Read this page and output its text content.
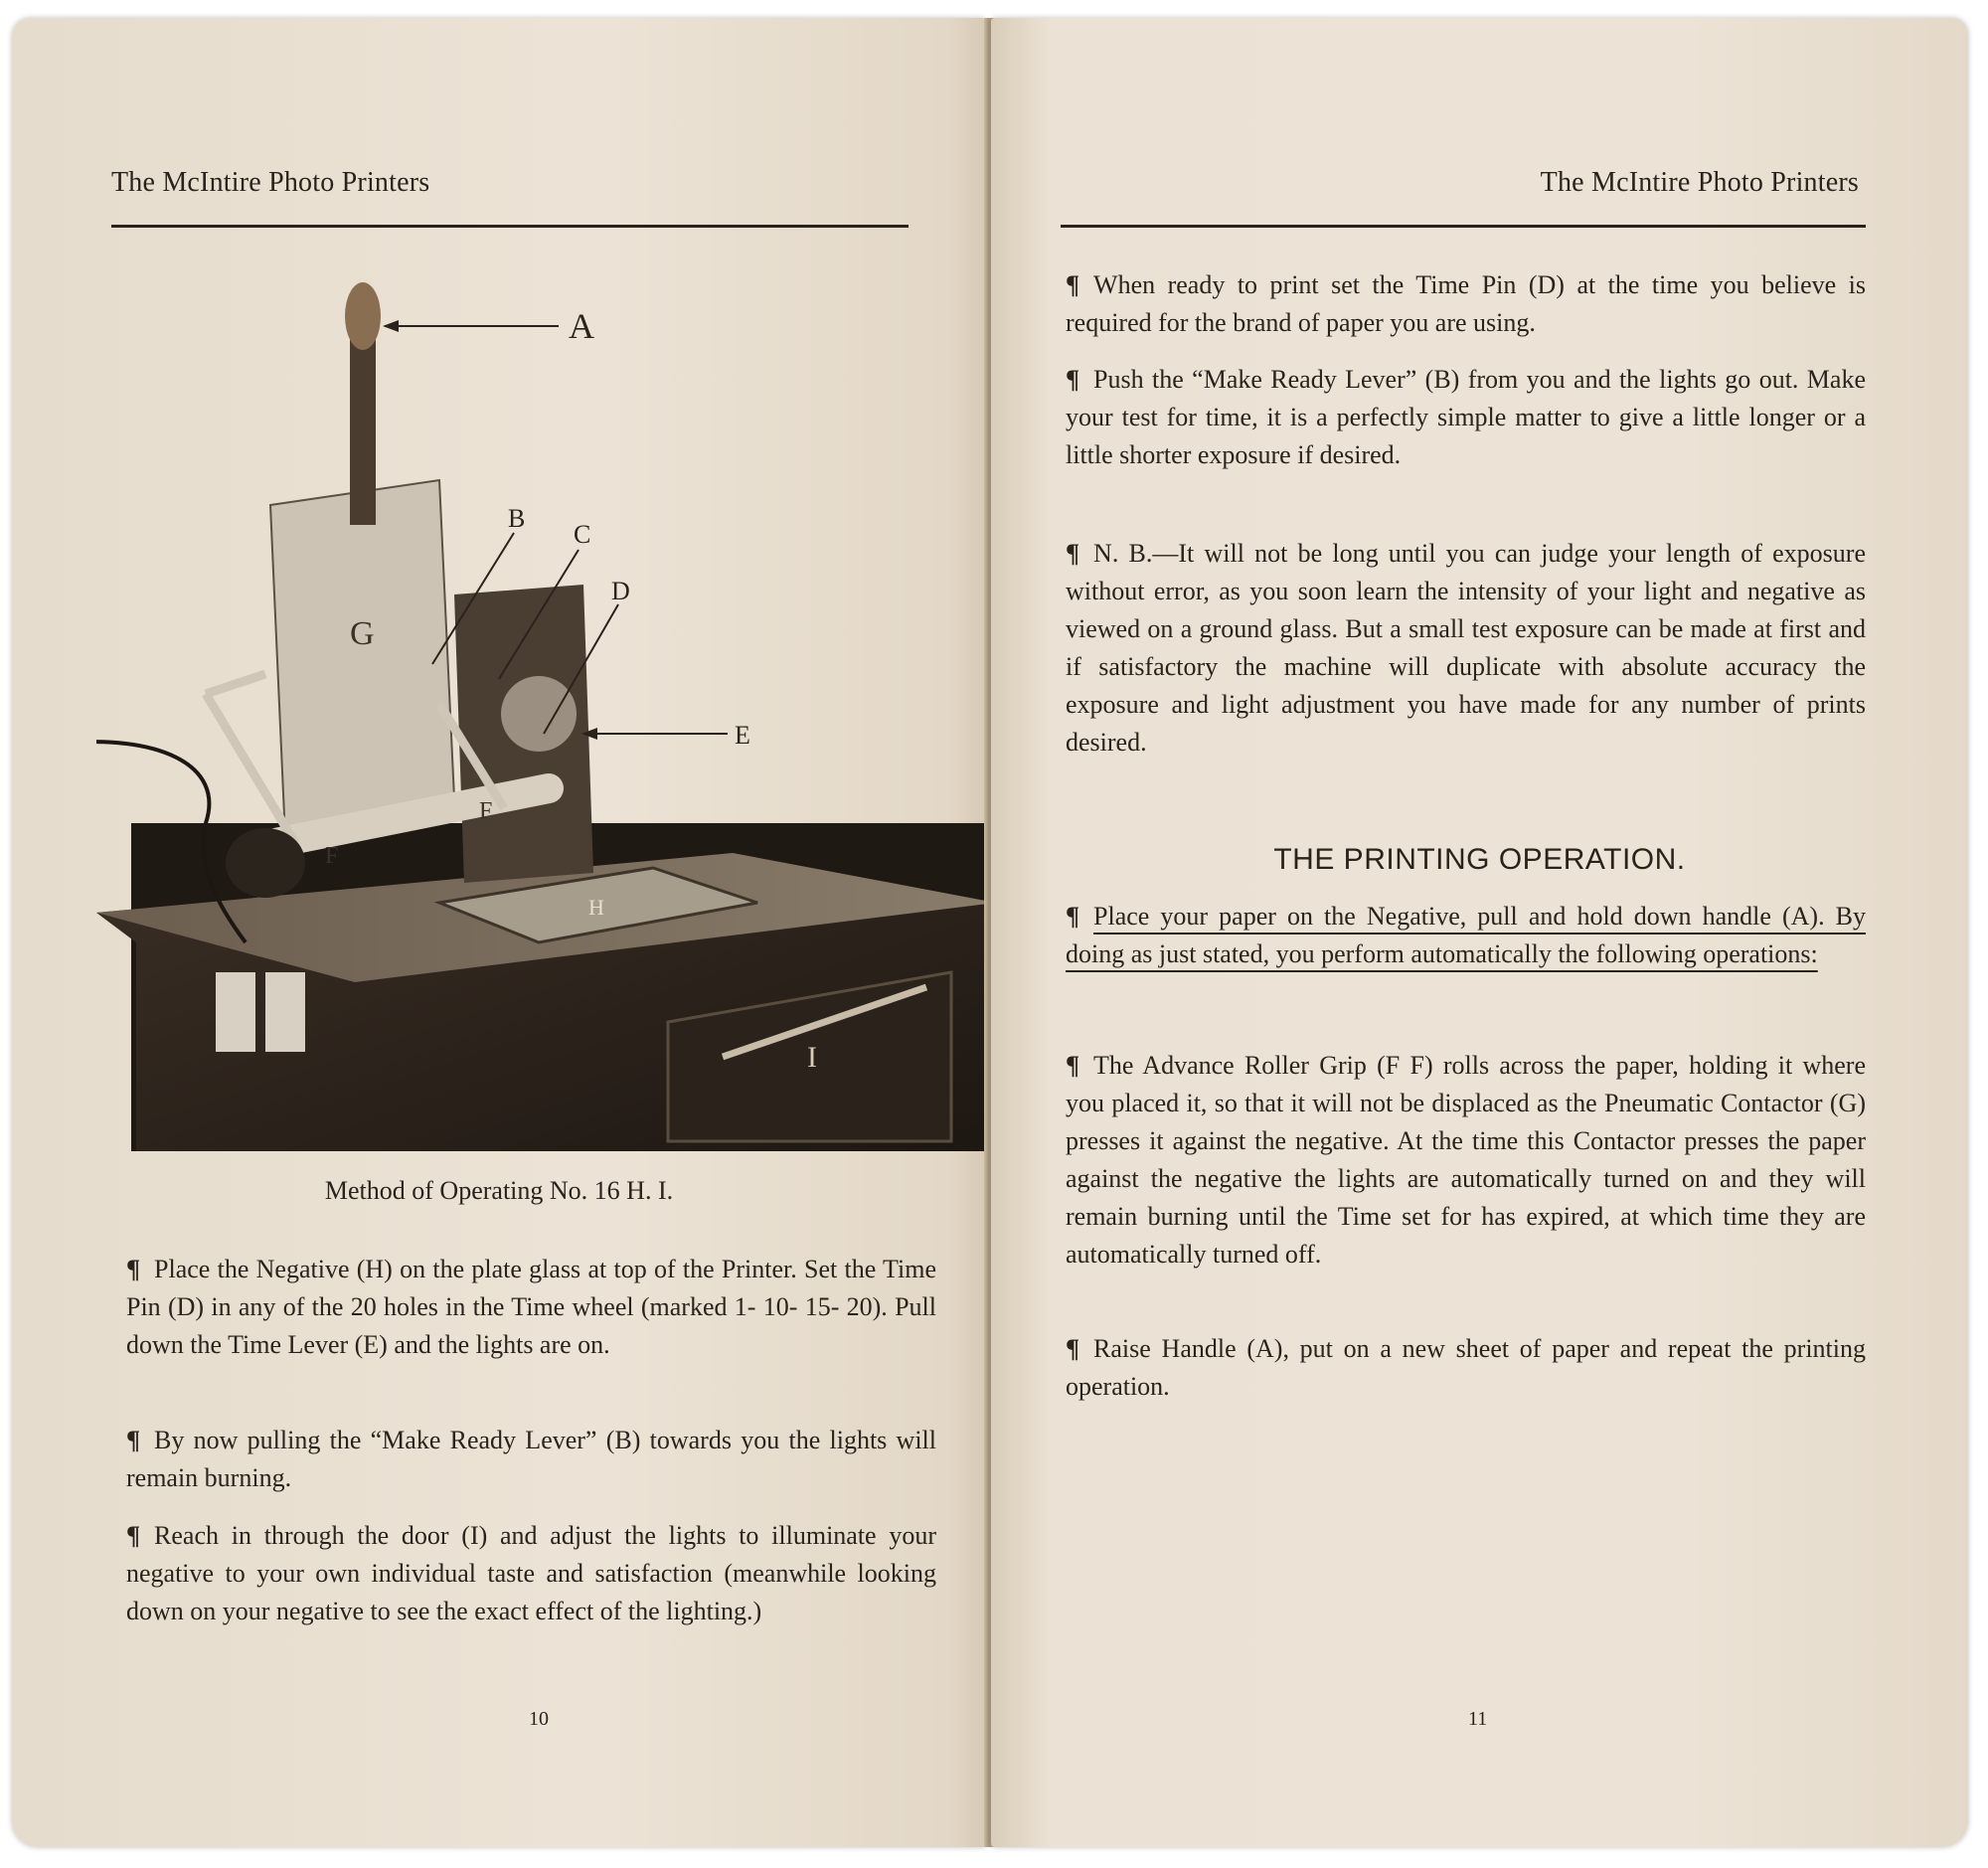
The McIntire Photo Printers
H
I
G
F
F
A
B
C
D
E
Method of Operating No. 16 H. I.
¶ Place the Negative (H) on the plate glass at top of the Printer. Set the Time Pin (D) in any of the 20 holes in the Time wheel (marked 1- 10- 15- 20). Pull down the Time Lever (E) and the lights are on.
¶ By now pulling the “Make Ready Lever” (B) towards you the lights will remain burning.
¶ Reach in through the door (I) and adjust the lights to illuminate your negative to your own individual taste and satisfaction (meanwhile looking down on your negative to see the exact effect of the lighting.)
10
The McIntire Photo Printers
¶ When ready to print set the Time Pin (D) at the time you believe is required for the brand of paper you are using.
¶ Push the “Make Ready Lever” (B) from you and the lights go out. Make your test for time, it is a perfectly simple matter to give a little longer or a little shorter exposure if desired.
¶ N. B.—It will not be long until you can judge your length of exposure without error, as you soon learn the intensity of your light and negative as viewed on a ground glass. But a small test exposure can be made at first and if satisfactory the machine will duplicate with absolute accuracy the exposure and light adjustment you have made for any number of prints desired.
THE PRINTING OPERATION.
¶ Place your paper on the Negative, pull and hold down handle (A). By doing as just stated, you perform automatically the following operations:
¶ The Advance Roller Grip (F F) rolls across the paper, holding it where you placed it, so that it will not be displaced as the Pneumatic Contactor (G) presses it against the negative. At the time this Contactor presses the paper against the negative the lights are automatically turned on and they will remain burning until the Time set for has expired, at which time they are automatically turned off.
¶ Raise Handle (A), put on a new sheet of paper and repeat the printing operation.
11
